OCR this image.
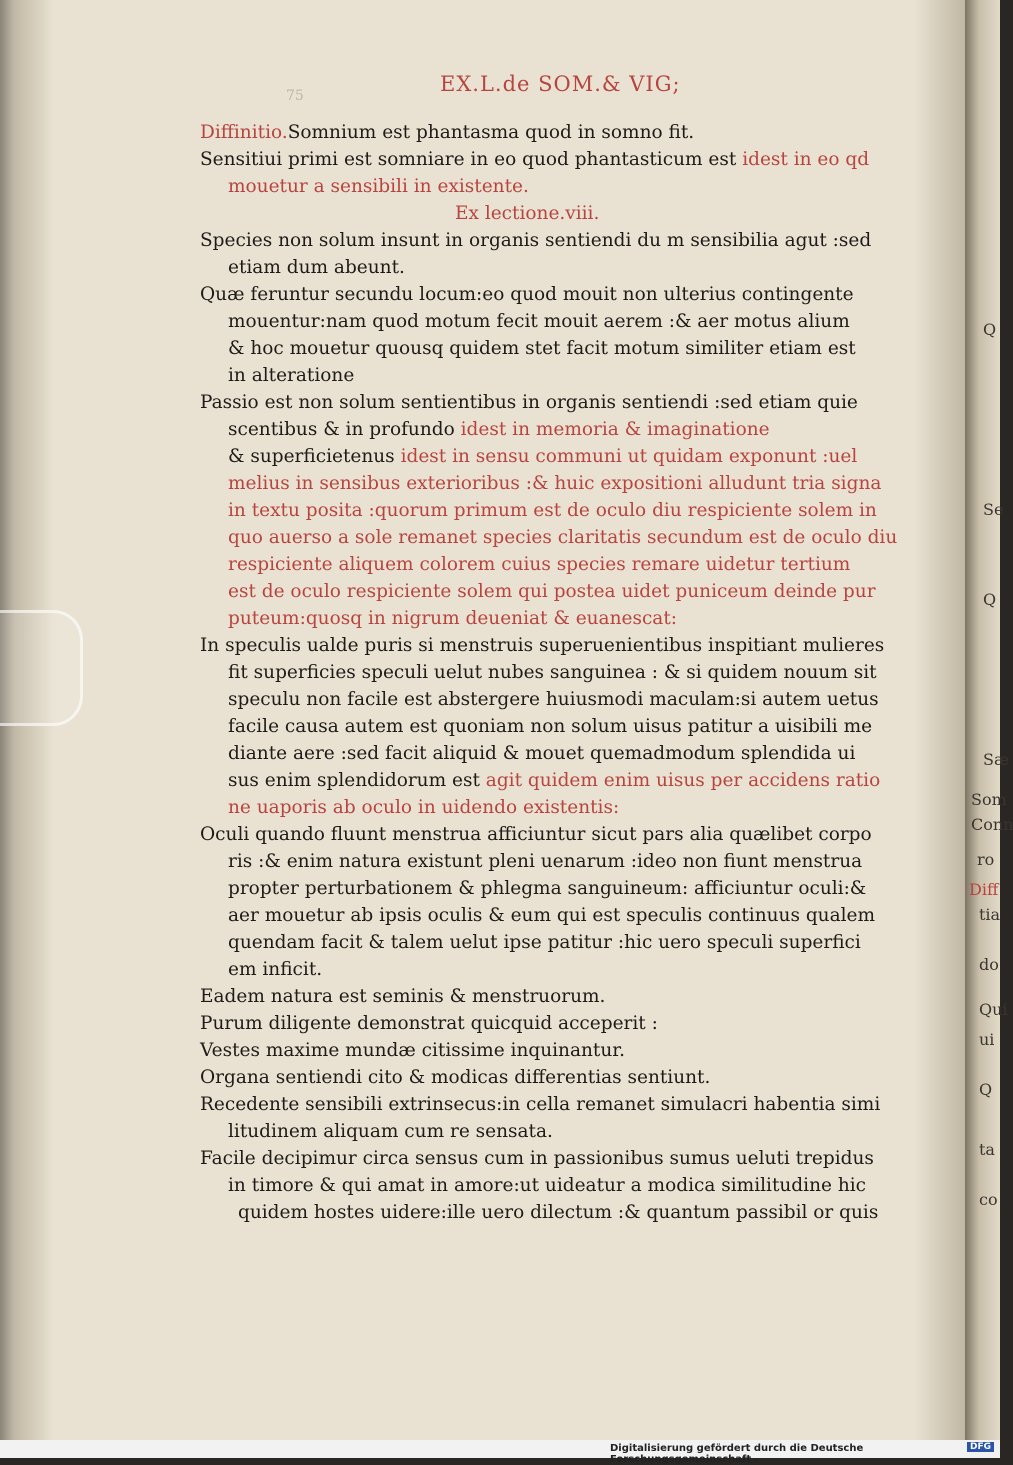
Q
Se
Q
Sæ
Som
Conn
ro
Diff
tia
do
Qui
ui
Q
ta
co
75	EX.L.de SOM.& VIG;
Diffinitio.Somnium est phantasma quod in somno fit.
Sensitiui primi est somniare in eo quod phantasticum est idest in eo qd
mouetur a sensibili in existente.
Ex lectione.viii.
Species non solum insunt in organis sentiendi du m sensibilia agut :sed
etiam dum abeunt.
Quæ feruntur secundu locum:eo quod mouit non ulterius contingente
mouentur:nam quod motum fecit mouit aerem :& aer motus alium
& hoc mouetur quousq quidem stet facit motum similiter etiam est
in alteratione
Passio est non solum sentientibus in organis sentiendi :sed etiam quie
scentibus & in profundo idest in memoria & imaginatione
& superficietenus idest in sensu communi ut quidam exponunt :uel
melius in sensibus exterioribus :& huic expositioni alludunt tria signa
in textu posita :quorum primum est de oculo diu respiciente solem in
quo auerso a sole remanet species claritatis secundum est de oculo diu
respiciente aliquem colorem cuius species remare uidetur tertium
est de oculo respiciente solem qui postea uidet puniceum deinde pur
puteum:quosq in nigrum deueniat & euanescat:
In speculis ualde puris si menstruis superuenientibus inspitiant mulieres
fit superficies speculi uelut nubes sanguinea : & si quidem nouum sit
speculu non facile est abstergere huiusmodi maculam:si autem uetus
facile causa autem est quoniam non solum uisus patitur a uisibili me
diante aere :sed facit aliquid & mouet quemadmodum splendida ui
sus enim splendidorum est agit quidem enim uisus per accidens ratio
ne uaporis ab oculo in uidendo existentis:
Oculi quando fluunt menstrua afficiuntur sicut pars alia quælibet corpo
ris :& enim natura existunt pleni uenarum :ideo non fiunt menstrua
propter perturbationem & phlegma sanguineum: afficiuntur oculi:&
aer mouetur ab ipsis oculis & eum qui est speculis continuus qualem
quendam facit & talem uelut ipse patitur :hic uero speculi superfici
em inficit.
Eadem natura est seminis & menstruorum.
Purum diligente demonstrat quicquid acceperit :
Vestes maxime mundæ citissime inquinantur.
Organa sentiendi cito & modicas differentias sentiunt.
Recedente sensibili extrinsecus:in cella remanet simulacri habentia simi
litudinem aliquam cum re sensata.
Facile decipimur circa sensus cum in passionibus sumus ueluti trepidus
in timore & qui amat in amore:ut uideatur a modica similitudine hic
quidem hostes uidere:ille uero dilectum :& quantum passibil or quis
Digitalisierung gefördert durch die Deutsche Forschungsgemeinschaft -
DFG
